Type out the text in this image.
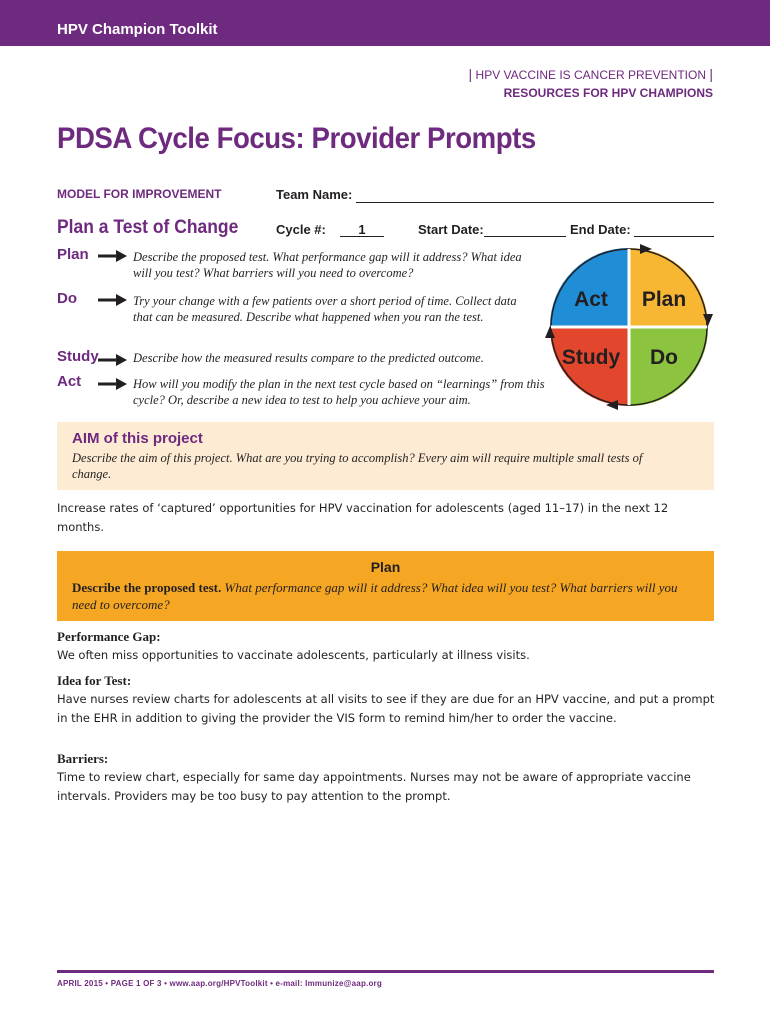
HPV Champion Toolkit
| HPV VACCINE IS CANCER PREVENTION |
RESOURCES FOR HPV CHAMPIONS
PDSA Cycle Focus: Provider Prompts
MODEL FOR IMPROVEMENT	Team Name:
Plan a Test of Change	Cycle #:	1	Start Date:	End Date:
Plan	Describe the proposed test. What performance gap will it address? What idea will you test? What barriers will you need to overcome?
Do	Try your change with a few patients over a short period of time. Collect data that can be measured. Describe what happened when you ran the test.
Study	Describe how the measured results compare to the predicted outcome.
Act	How will you modify the plan in the next test cycle based on “learnings” from this cycle? Or, describe a new idea to test to help you achieve your aim.
Act Plan
Study Do
AIM of this project
Describe the aim of this project. What are you trying to accomplish? Every aim will require multiple small tests of change.
Increase rates of ‘captured’ opportunities for HPV vaccination for adolescents (aged 11–17) in the next 12 months.
Plan
Describe the proposed test. What performance gap will it address? What idea will you test? What barriers will you need to overcome?
Performance Gap:
We often miss opportunities to vaccinate adolescents, particularly at illness visits.
Idea for Test:
Have nurses review charts for adolescents at all visits to see if they are due for an HPV vaccine, and put a prompt in the EHR in addition to giving the provider the VIS form to remind him/her to order the vaccine.
Barriers:
Time to review chart, especially for same day appointments. Nurses may not be aware of appropriate vaccine intervals. Providers may be too busy to pay attention to the prompt.
APRIL 2015 • PAGE 1 OF 3 • www.aap.org/HPVToolkit • e-mail: Immunize@aap.org
